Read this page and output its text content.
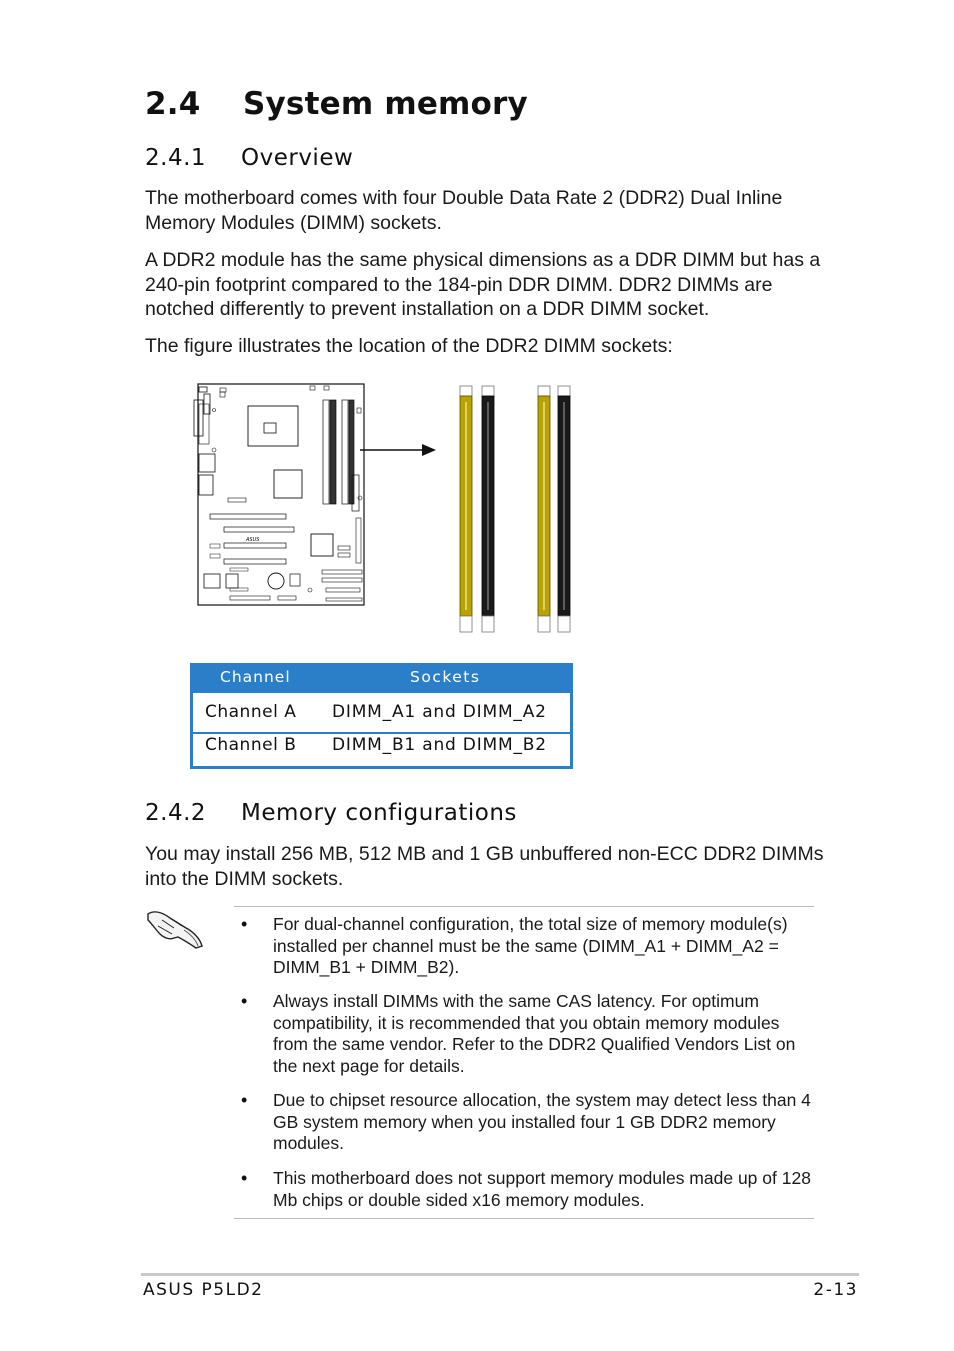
2.4 System memory
2.4.1 Overview

The motherboard comes with four Double Data Rate 2 (DDR2) Dual Inline Memory Modules (DIMM) sockets.

A DDR2 module has the same physical dimensions as a DDR DIMM but has a 240-pin footprint compared to the 184-pin DDR DIMM. DDR2 DIMMs are notched differently to prevent installation on a DDR DIMM socket.

The figure illustrates the location of the DDR2 DIMM sockets:

ASUS
Channel	Sockets
Channel A DIMM_A1 and DIMM_A2
Channel B DIMM_B1 and DIMM_B2
2.4.2 Memory configurations

You may install 256 MB, 512 MB and 1 GB unbuffered non-ECC DDR2 DIMMs into the DIMM sockets.

• For dual-channel configuration, the total size of memory module(s) installed per channel must be the same (DIMM_A1 + DIMM_A2 = DIMM_B1 + DIMM_B2).

• Always install DIMMs with the same CAS latency. For optimum compatibility, it is recommended that you obtain memory modules from the same vendor. Refer to the DDR2 Qualified Vendors List on the next page for details.

• Due to chipset resource allocation, the system may detect less than 4 GB system memory when you installed four 1 GB DDR2 memory modules.

• This motherboard does not support memory modules made up of 128 Mb chips or double sided x16 memory modules.

ASUS P5LD2	2-13
